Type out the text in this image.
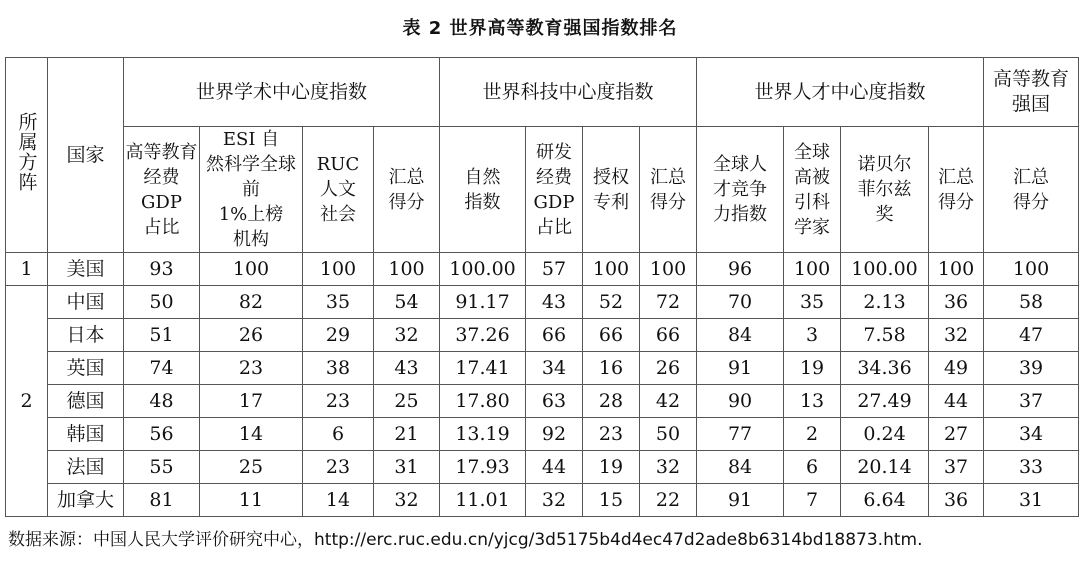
表 2 世界高等教育强国指数排名
所属方阵	国家	世界学术中心度指数				世界科技中心度指数				世界人才中心度指数				高等教育
强国

		高等教育
经费
GDP
占比	ESI 自
然科学全球前
1%上榜
机构	RUC
人文
社会	汇总
得分	自然
指数	研发
经费
GDP
占比	授权
专利	汇总
得分	全球人
才竞争
力指数	全球
高被
引科
学家	诺贝尔
菲尔兹
奖	汇总
得分	汇总
得分

1	美国	93	100	100	100	100.00	57	100	100	96	100	100.00	100	100
2	中国	50	82	35	54	91.17	43	52	72	70	35	2.13	36	58
	日本	51	26	29	32	37.26	66	66	66	84	3	7.58	32	47
	英国	74	23	38	43	17.41	34	16	26	91	19	34.36	49	39
	德国	48	17	23	25	17.80	63	28	42	90	13	27.49	44	37
	韩国	56	14	6	21	13.19	92	23	50	77	2	0.24	27	34
	法国	55	25	23	31	17.93	44	19	32	84	6	20.14	37	33
	加拿大	81	11	14	32	11.01	32	15	22	91	7	6.64	36	31
数据来源：中国人民大学评价研究中心，http://erc.ruc.edu.cn/yjcg/3d5175b4d4ec47d2ade8b6314bd18873.htm.
